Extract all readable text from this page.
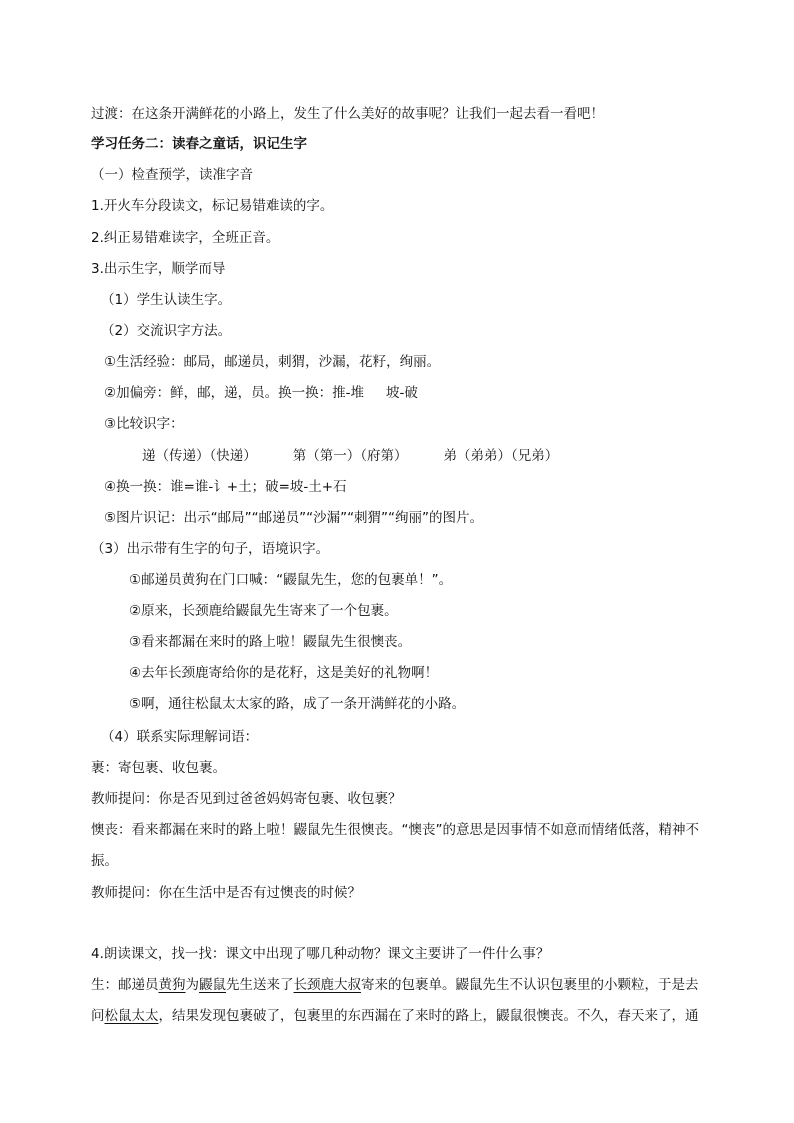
过渡：在这条开满鲜花的小路上，发生了什么美好的故事呢？让我们一起去看一看吧！
学习任务二：读春之童话，识记生字
（一）检查预学，读准字音
1.开火车分段读文，标记易错难读的字。
2.纠正易错难读字，全班正音。
3.出示生字，顺学而导
（1）学生认读生字。
（2）交流识字方法。
①生活经验：邮局，邮递员，刺猬，沙漏，花籽，绚丽。
②加偏旁：鲜，邮，递，员。换一换：推-堆 坡-破
③比较识字：
递（传递）（快递）	第（第一）（府第）	弟（弟弟）（兄弟）
④换一换：谁=谁-讠+土；破=坡-土+石
⑤图片识记：出示“邮局”“邮递员”“沙漏”“刺猬”“绚丽”的图片。
（3）出示带有生字的句子，语境识字。
①邮递员黄狗在门口喊：“鼹鼠先生，您的包裹单！”。
②原来，长颈鹿给鼹鼠先生寄来了一个包裹。
③看来都漏在来时的路上啦！鼹鼠先生很懊丧。
④去年长颈鹿寄给你的是花籽，这是美好的礼物啊！
⑤啊，通往松鼠太太家的路，成了一条开满鲜花的小路。
（4）联系实际理解词语：
裹：寄包裹、收包裹。
教师提问：你是否见到过爸爸妈妈寄包裹、收包裹？
懊丧：看来都漏在来时的路上啦！鼹鼠先生很懊丧。“懊丧”的意思是因事情不如意而情绪低落，精神不振。
教师提问：你在生活中是否有过懊丧的时候？
4.朗读课文，找一找：课文中出现了哪几种动物？课文主要讲了一件什么事？
生：邮递员黄狗为鼹鼠先生送来了长颈鹿大叔寄来的包裹单。鼹鼠先生不认识包裹里的小颗粒，于是去问松鼠太太，结果发现包裹破了，包裹里的东西漏在了来时的路上，鼹鼠很懊丧。不久，春天来了，通
